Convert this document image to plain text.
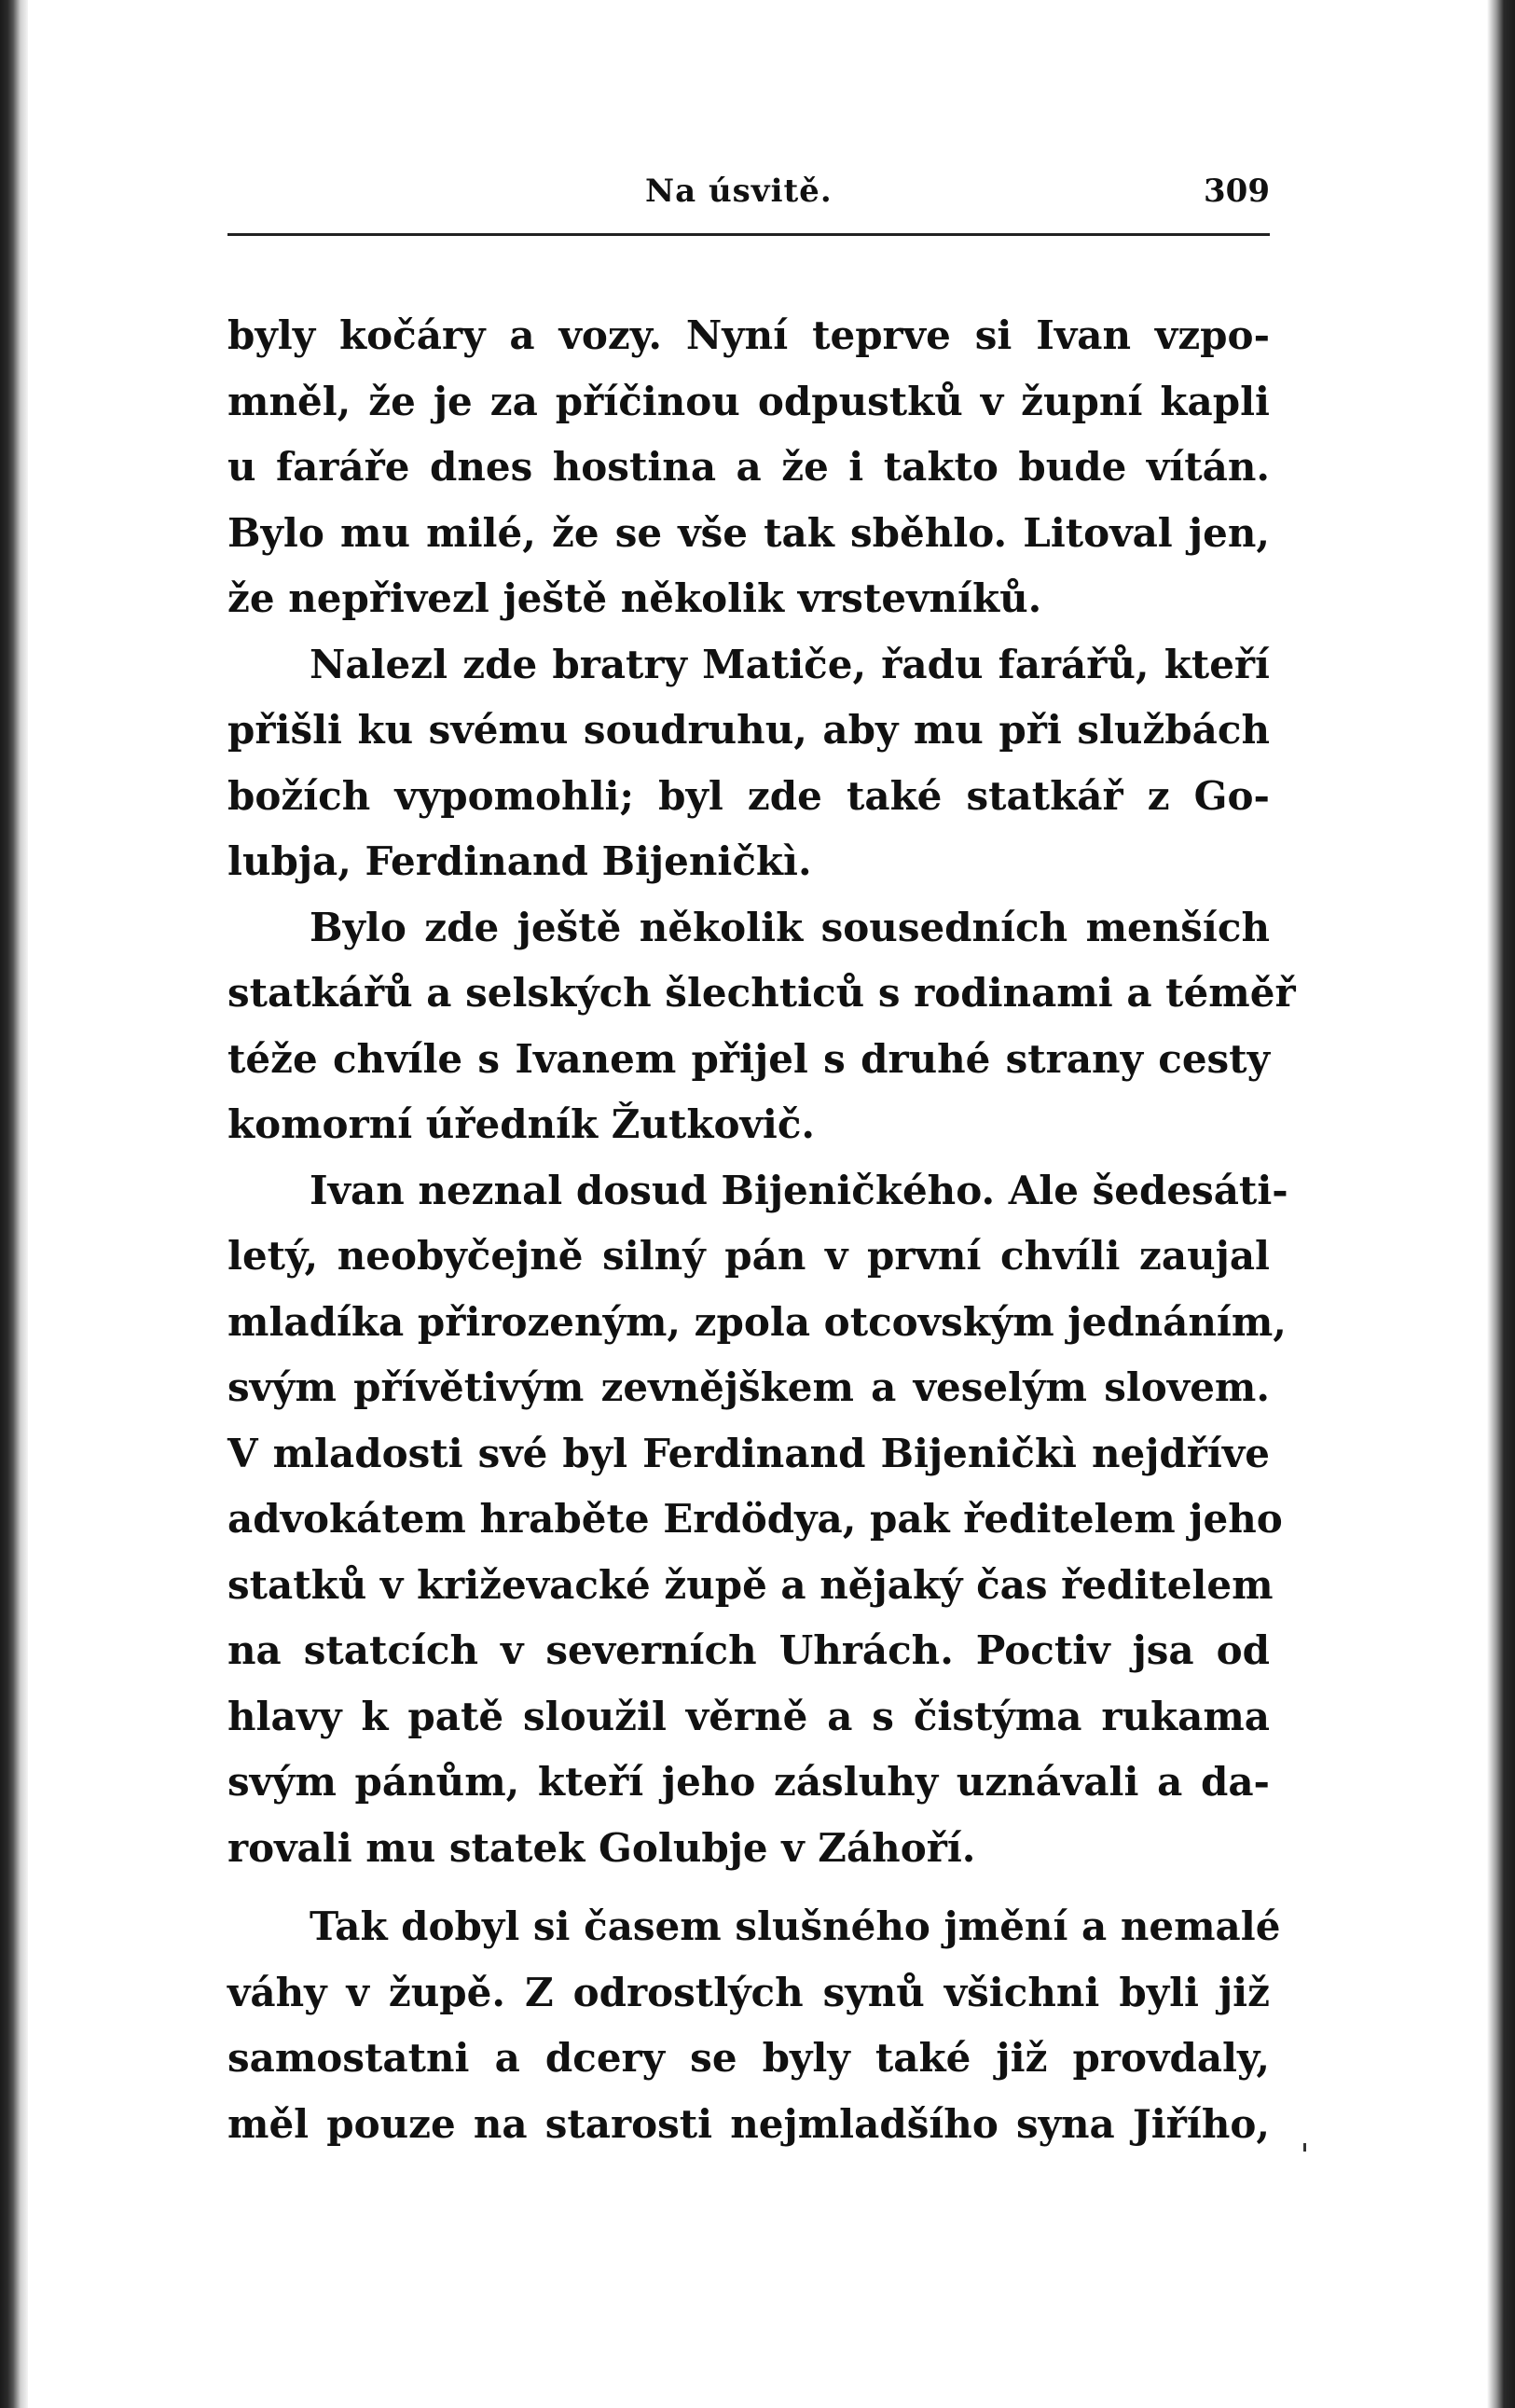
Na úsvitě.	309
byly kočáry a vozy. Nyní teprve si Ivan vzpo-
mněl, že je za příčinou odpustků v župní kapli
u faráře dnes hostina a že i takto bude vítán.
Bylo mu milé, že se vše tak sběhlo. Litoval jen,
že nepřivezl ještě několik vrstevníků.
Nalezl zde bratry Matiče, řadu farářů, kteří
přišli ku svému soudruhu, aby mu při službách
božích vypomohli; byl zde také statkář z Go-
lubja, Ferdinand Bijeničkì.
Bylo zde ještě několik sousedních menších
statkářů a selských šlechticů s rodinami a téměř
téže chvíle s Ivanem přijel s druhé strany cesty
komorní úředník Žutkovič.
Ivan neznal dosud Bijeničkého. Ale šedesáti-
letý, neobyčejně silný pán v první chvíli zaujal
mladíka přirozeným, zpola otcovským jednáním,
svým přívětivým zevnějškem a veselým slovem.
V mladosti své byl Ferdinand Bijeničkì nejdříve
advokátem hraběte Erdödya, pak ředitelem jeho
statků v križevacké župě a nějaký čas ředitelem
na statcích v severních Uhrách. Poctiv jsa od
hlavy k patě sloužil věrně a s čistýma rukama
svým pánům, kteří jeho zásluhy uznávali a da-
rovali mu statek Golubje v Záhoří.
Tak dobyl si časem slušného jmění a nemalé
váhy v župě. Z odrostlých synů všichni byli již
samostatni a dcery se byly také již provdaly,
měl pouze na starosti nejmladšího syna Jiřího,
